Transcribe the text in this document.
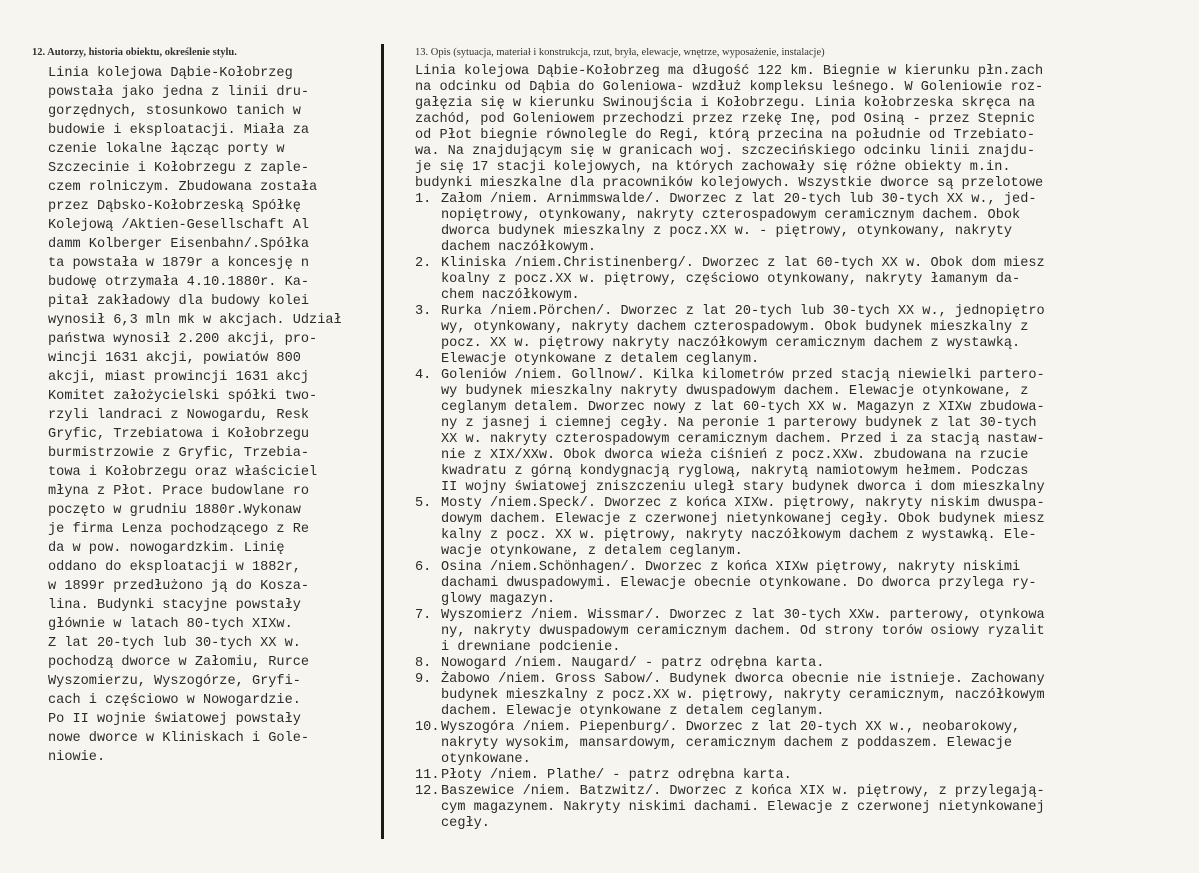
12. Autorzy, historia obiektu, określenie stylu.
Linia kolejowa Dąbie-Kołobrzeg
powstała jako jedna z linii dru-
gorzędnych, stosunkowo tanich w
budowie i eksploatacji. Miała za
czenie lokalne łącząc porty w
Szczecinie i Kołobrzegu z zaple-
czem rolniczym. Zbudowana została
przez Dąbsko-Kołobrzeską Spółkę
Kolejową /Aktien-Gesellschaft Al
damm Kolberger Eisenbahn/.Spółka
ta powstała w 1879r a koncesję n
budowę otrzymała 4.10.1880r. Ka-
pitał zakładowy dla budowy kolei
wynosił 6,3 mln mk w akcjach. Udział
państwa wynosił 2.200 akcji, pro-
wincji 1631 akcji, powiatów 800
akcji, miast prowincji 1631 akcj
Komitet założycielski spółki two-
rzyli landraci z Nowogardu, Resk
Gryfic, Trzebiatowa i Kołobrzegu
burmistrzowie z Gryfic, Trzebia-
towa i Kołobrzegu oraz właściciel
młyna z Płot. Prace budowlane ro
poczęto w grudniu 1880r.Wykonaw
je firma Lenza pochodzącego z Re
da w pow. nowogardzkim. Linię
oddano do eksploatacji w 1882r,
w 1899r przedłużono ją do Kosza-
lina. Budynki stacyjne powstały
głównie w latach 80-tych XIXw.
Z lat 20-tych lub 30-tych XX w.
pochodzą dworce w Załomiu, Rurce
Wyszomierzu, Wyszogórze, Gryfi-
cach i częściowo w Nowogardzie.
Po II wojnie światowej powstały
nowe dworce w Kliniskach i Gole-
niowie.
13. Opis (sytuacja, materiał i konstrukcja, rzut, bryła, elewacje, wnętrze, wyposażenie, instalacje)
Linia kolejowa Dąbie-Kołobrzeg ma długość 122 km. Biegnie w kierunku płn.zach
na odcinku od Dąbia do Goleniowa- wzdłuż kompleksu leśnego. W Goleniowie roz-
gałęzia się w kierunku Swinoujścia i Kołobrzegu. Linia kołobrzeska skręca na
zachód, pod Goleniowem przechodzi przez rzekę Inę, pod Osiną - przez Stepnic
od Płot biegnie równolegle do Regi, którą przecina na południe od Trzebiato-
wa. Na znajdującym się w granicach woj. szczecińskiego odcinku linii znajdu-
je się 17 stacji kolejowych, na których zachowały się różne obiekty m.in.
budynki mieszkalne dla pracowników kolejowych. Wszystkie dworce są przelotowe
1. Załom /niem. Arnimmswalde/. Dworzec z lat 20-tych lub 30-tych XX w., jed-
nopiętrowy, otynkowany, nakryty czterospadowym ceramicznym dachem. Obok
dworca budynek mieszkalny z pocz.XX w. - piętrowy, otynkowany, nakryty
dachem naczółkowym.
2. Kliniska /niem.Christinenberg/. Dworzec z lat 60-tych XX w. Obok dom miesz
koalny z pocz.XX w. piętrowy, częściowo otynkowany, nakryty łamanym da-
chem naczółkowym.
3. Rurka /niem.Pörchen/. Dworzec z lat 20-tych lub 30-tych XX w., jednopiętro
wy, otynkowany, nakryty dachem czterospadowym. Obok budynek mieszkalny z
pocz. XX w. piętrowy nakryty naczółkowym ceramicznym dachem z wystawką.
Elewacje otynkowane z detalem ceglanym.
4. Goleniów /niem. Gollnow/. Kilka kilometrów przed stacją niewielki partero-
wy budynek mieszkalny nakryty dwuspadowym dachem. Elewacje otynkowane, z
ceglanym detalem. Dworzec nowy z lat 60-tych XX w. Magazyn z XIXw zbudowa-
ny z jasnej i ciemnej cegły. Na peronie 1 parterowy budynek z lat 30-tych
XX w. nakryty czterospadowym ceramicznym dachem. Przed i za stacją nastaw-
nie z XIX/XXw. Obok dworca wieża ciśnień z pocz.XXw. zbudowana na rzucie
kwadratu z górną kondygnacją ryglową, nakrytą namiotowym hełmem. Podczas
II wojny światowej zniszczeniu uległ stary budynek dworca i dom mieszkalny
5. Mosty /niem.Speck/. Dworzec z końca XIXw. piętrowy, nakryty niskim dwuspa-
dowym dachem. Elewacje z czerwonej nietynkowanej cegły. Obok budynek miesz
kalny z pocz. XX w. piętrowy, nakryty naczółkowym dachem z wystawką. Ele-
wacje otynkowane, z detalem ceglanym.
6. Osina /niem.Schönhagen/. Dworzec z końca XIXw piętrowy, nakryty niskimi
dachami dwuspadowymi. Elewacje obecnie otynkowane. Do dworca przylega ry-
glowy magazyn.
7. Wyszomierz /niem. Wissmar/. Dworzec z lat 30-tych XXw. parterowy, otynkowa
ny, nakryty dwuspadowym ceramicznym dachem. Od strony torów osiowy ryzalit
i drewniane podcienie.
8. Nowogard /niem. Naugard/ - patrz odrębna karta.
9. Żabowo /niem. Gross Sabow/. Budynek dworca obecnie nie istnieje. Zachowany
budynek mieszkalny z pocz.XX w. piętrowy, nakryty ceramicznym, naczółkowym
dachem. Elewacje otynkowane z detalem ceglanym.
10. Wyszogóra /niem. Piepenburg/. Dworzec z lat 20-tych XX w., neobarokowy,
nakryty wysokim, mansardowym, ceramicznym dachem z poddaszem. Elewacje
otynkowane.
11. Płoty /niem. Plathe/ - patrz odrębna karta.
12. Baszewice /niem. Batzwitz/. Dworzec z końca XIX w. piętrowy, z przylegają-
cym magazynem. Nakryty niskimi dachami. Elewacje z czerwonej nietynkowanej
cegły.
